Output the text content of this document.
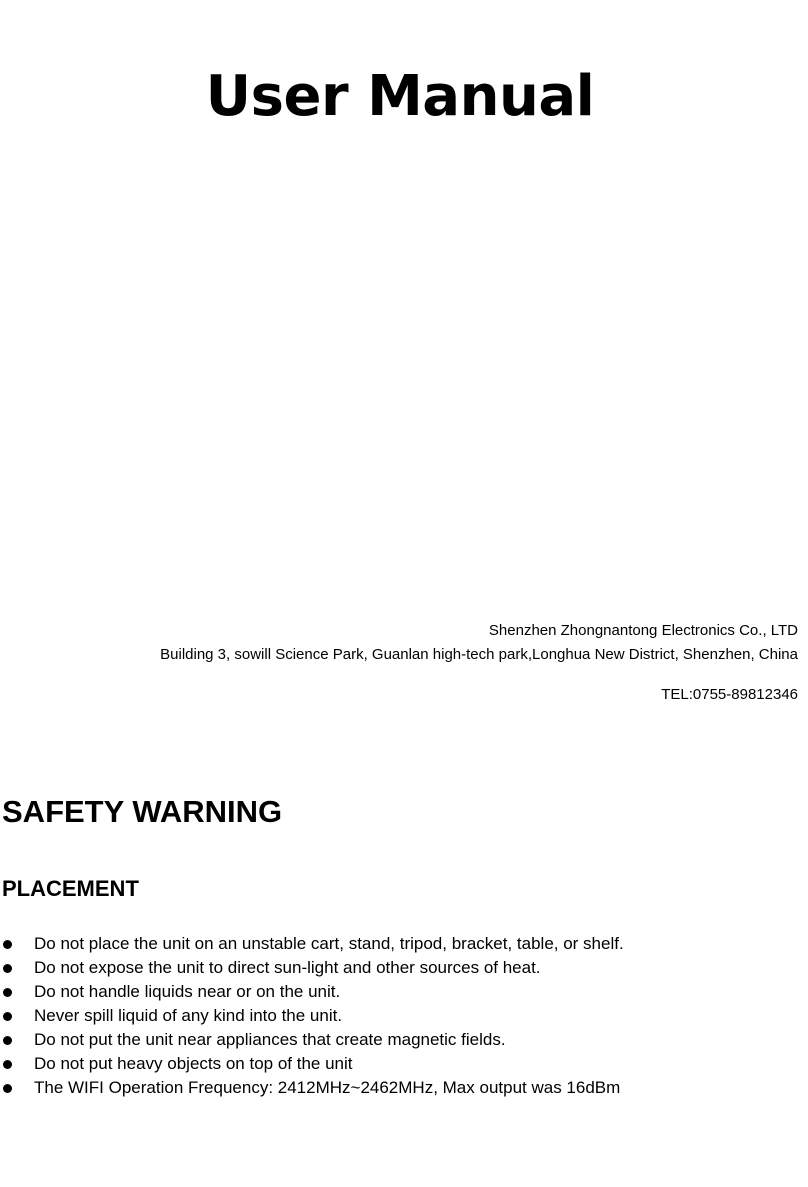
User Manual
Shenzhen Zhongnantong Electronics Co., LTD
Building 3, sowill Science Park, Guanlan high-tech park,Longhua New District, Shenzhen, China
TEL:0755-89812346
SAFETY WARNING
PLACEMENT
Do not place the unit on an unstable cart, stand, tripod, bracket, table, or shelf.
Do not expose the unit to direct sun-light and other sources of heat.
Do not handle liquids near or on the unit.
Never spill liquid of any kind into the unit.
Do not put the unit near appliances that create magnetic fields.
Do not put heavy objects on top of the unit
The WIFI Operation Frequency: 2412MHz~2462MHz, Max output was 16dBm
